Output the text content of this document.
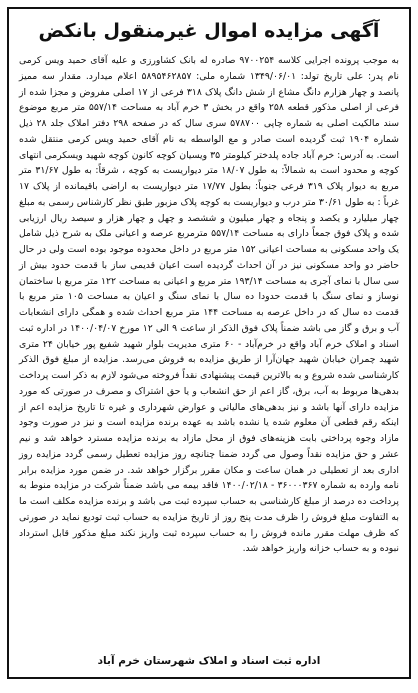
آگهی مزایده اموال غیرمنقول بانکض
به موجب پرونده اجرایی کلاسه ۹۷۰۰۲۵۴ صادره له بانک کشاورزی و علیه آقای حمید ویس کرمی نام پدر: علی تاریخ تولد: ۱۳۴۹/۰۶/۰۱ شماره ملی: ۵۸۹۵۴۶۲۸۵۷ اعلام میدارد. مقدار سه ممیز پانصد و چهار هزارم دانگ مشاع از شش دانگ پلاک ۳۱۸ فرعی از ۱۷ اصلی مفروض و مجزا شده از فرعی از اصلی مذکور قطعه ۲۵۸ واقع در بخش ۳ خرم آباد به مساحت ۵۵۷/۱۴ متر مربع موضوع سند مالکیت اصلی به شماره چاپی ۵۷۸۷۰۰ سری سال که در صفحه ۲۹۸ دفتر املاک جلد ۲۸ ذیل شماره ۱۹۰۴ ثبت گردیده است صادر و مع الواسطه به نام آقای حمید ویس کرمی منتقل شده است. به آدرس: خرم آباد جاده پلدختر کیلومتر ۳۵ ویسیان کوچه کانون کوچه شهید ویسکرمی انتهای کوچه و محدود است به شمالاً: به طول ۱۸/۰۷ متر دیواریست به کوچه ، شرقاً: به طول ۳۱/۶۷ متر مربع به دیوار پلاک ۳۱۹ فرعی جنوباً: بطول ۱۷/۷۷ متر دیواریست به اراضی باقیمانده از پلاک ۱۷ غرباً : به طول ۳۰/۶۱ متر درب و دیواریست به کوچه پلاک مزبور طبق نظر کارشناس رسمی به مبلغ چهار میلیارد و یکصد و پنجاه و چهار میلیون و ششصد و چهل و چهار هزار و سیصد ریال ارزیابی شده و پلاک فوق جمعاً دارای به مساحت ۵۵۷/۱۴ مترمربع عرصه و اعیانی ملک به شرح ذیل شامل یک واحد مسکونی به مساحت اعیانی ۱۵۲ متر مربع در داخل محدوده موجود بوده است ولی در حال حاضر دو واحد مسکونی نیز در آن احداث گردیده است اعیان قدیمی ساز با قدمت حدود بیش از سی سال با نمای آجری به مساحت ۱۹۳/۱۴ متر مربع و اعیانی به مساحت ۱۲۲ متر مربع با ساختمان نوساز و نمای سنگ با قدمت حدودا ده سال با نمای سنگ و اعیان به مساحت ۱۰۵ متر مربع با قدمت ده سال که در داخل عرصه به مساحت ۱۴۴ متر مربع احداث شده و همگی دارای انشعابات آب و برق و گاز می باشد ضمناً پلاک فوق الذکر از ساعت ۹ الی ۱۲ مورخ ۱۴۰۰/۰۴/۰۷ در اداره ثبت اسناد و املاک خرم آباد واقع در خرم‌آباد - ۶۰ متری مدیریت بلوار شهید شفیع پور خیابان ۲۴ متری شهید چمران خیابان شهید جهان‌آرا از طریق مزایده به فروش می‌رسد. مزایده از مبلغ فوق الذکر کارشناسی شده شروع و به بالاترین قیمت پیشنهادی نقداً فروخته می‌شود لازم به ذکر است پرداخت بدهی‌ها مربوط به آب، برق، گاز اعم از حق انشعاب و یا حق اشتراک و مصرف در صورتی که مورد مزایده دارای آنها باشد و نیز بدهی‌های مالیاتی و عوارض شهرداری و غیره تا تاریخ مزایده اعم از اینکه رقم قطعی آن معلوم شده یا نشده باشد به عهده برنده مزایده است و نیز در صورت وجود مازاد وجوه پرداختی بابت هزینه‌های فوق از محل مازاد به برنده مزایده مسترد خواهد شد و نیم عشر و حق مزایده نقداً وصول می گردد ضمنا چنانچه روز مزایده تعطیل رسمی گردد مزایده روز اداری بعد از تعطیلی در همان ساعت و مکان مقرر برگزار خواهد شد. در ضمن مورد مزایده برابر نامه وارده به شماره ۳۶۰۰۰۳۶۷ - ۱۴۰۰/۰۲/۱۸ فاقد بیمه می باشد ضمناً شرکت در مزایده منوط به پرداخت ده درصد از مبلغ کارشناسی به حساب سپرده ثبت می باشد و برنده مزایده مکلف است ما به التفاوت مبلغ فروش را ظرف مدت پنج روز از تاریخ مزایده به حساب ثبت تودیع نماید در صورتی که ظرف مهلت مقرر مانده فروش را به حساب سپرده ثبت واریز نکند مبلغ مذکور قابل استرداد نبوده و به حساب خزانه واریز خواهد شد.
اداره ثبت اسناد و املاک شهرستان خرم آباد
